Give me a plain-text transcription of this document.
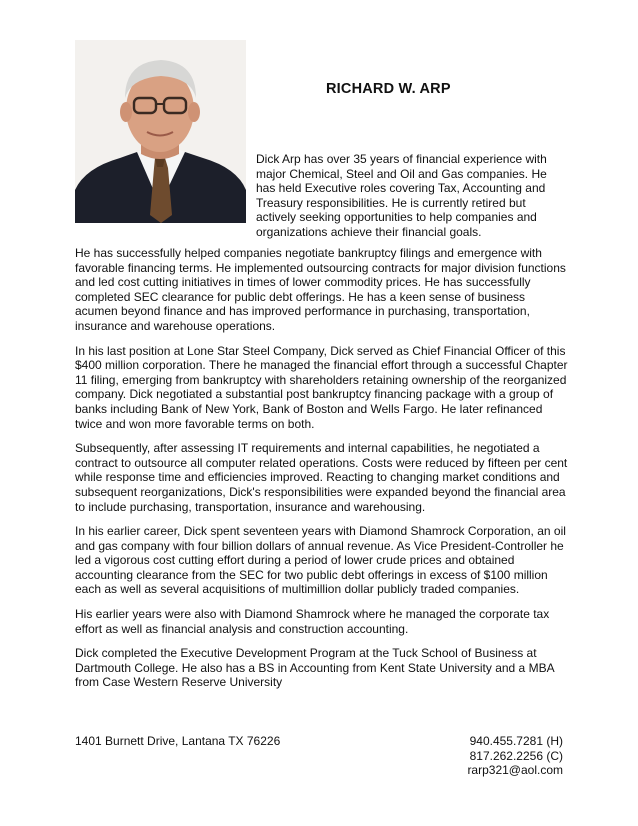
RICHARD W. ARP

Dick Arp has over 35 years of financial experience with major Chemical, Steel and Oil and Gas companies. He has held Executive roles covering Tax, Accounting and Treasury responsibilities. He is currently retired but actively seeking opportunities to help companies and organizations achieve their financial goals.

He has successfully helped companies negotiate bankruptcy filings and emergence with favorable financing terms. He implemented outsourcing contracts for major division functions and led cost cutting initiatives in times of lower commodity prices. He has successfully completed SEC clearance for public debt offerings. He has a keen sense of business acumen beyond finance and has improved performance in purchasing, transportation, insurance and warehouse operations.

In his last position at Lone Star Steel Company, Dick served as Chief Financial Officer of this $400 million corporation. There he managed the financial effort through a successful Chapter 11 filing, emerging from bankruptcy with shareholders retaining ownership of the reorganized company. Dick negotiated a substantial post bankruptcy financing package with a group of banks including Bank of New York, Bank of Boston and Wells Fargo. He later refinanced twice and won more favorable terms on both.

Subsequently, after assessing IT requirements and internal capabilities, he negotiated a contract to outsource all computer related operations. Costs were reduced by fifteen per cent while response time and efficiencies improved. Reacting to changing market conditions and subsequent reorganizations, Dick's responsibilities were expanded beyond the financial area to include purchasing, transportation, insurance and warehousing.

In his earlier career, Dick spent seventeen years with Diamond Shamrock Corporation, an oil and gas company with four billion dollars of annual revenue. As Vice President-Controller he led a vigorous cost cutting effort during a period of lower crude prices and obtained accounting clearance from the SEC for two public debt offerings in excess of $100 million each as well as several acquisitions of multimillion dollar publicly traded companies.

His earlier years were also with Diamond Shamrock where he managed the corporate tax effort as well as financial analysis and construction accounting.

Dick completed the Executive Development Program at the Tuck School of Business at Dartmouth College. He also has a BS in Accounting from Kent State University and a MBA from Case Western Reserve University

1401 Burnett Drive, Lantana TX 76226	940.455.7281 (H)
817.262.2256 (C)
rarp321@aol.com
